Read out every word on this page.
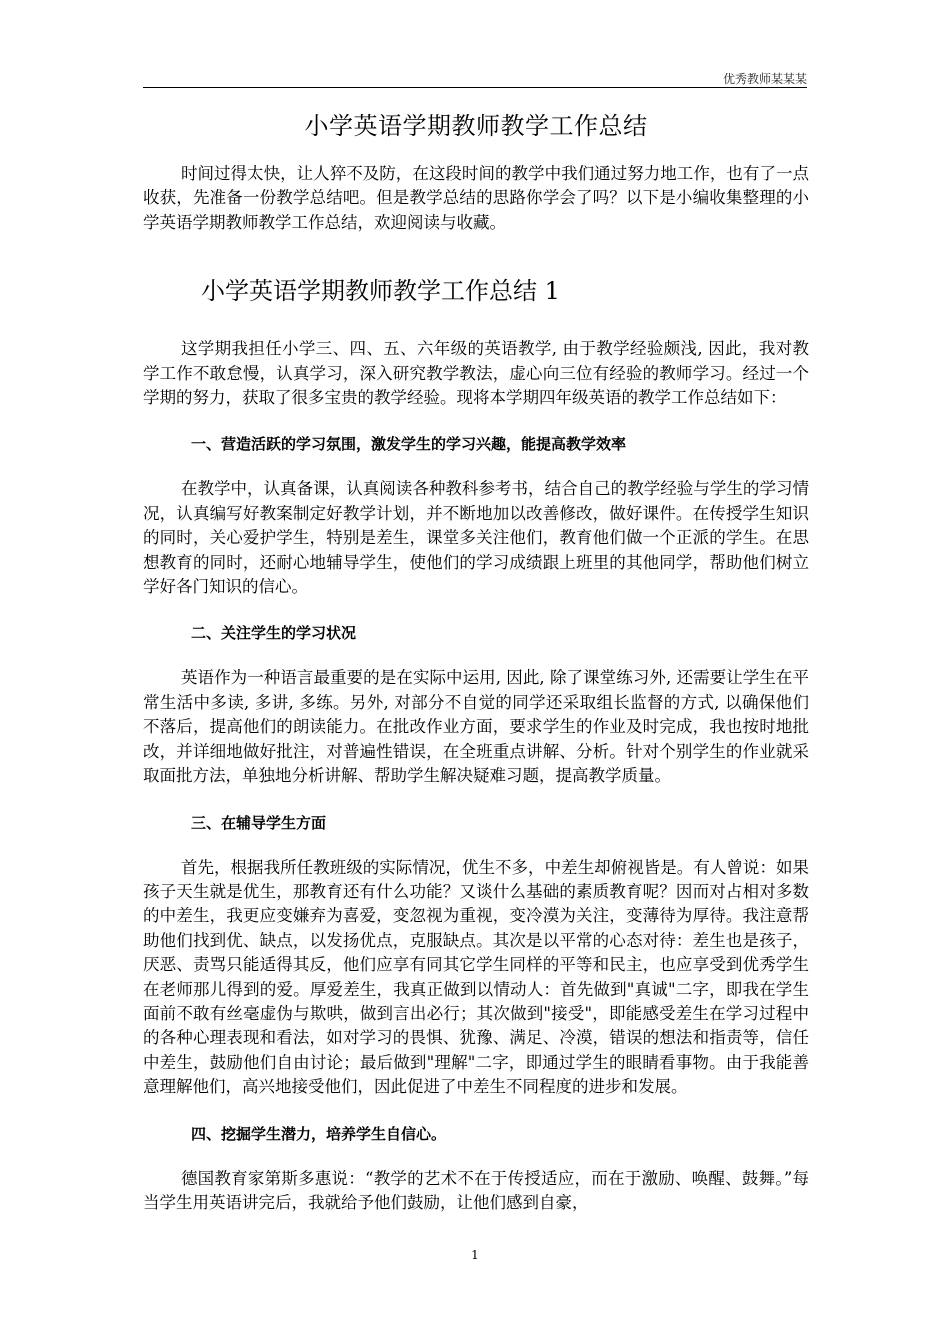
优秀教师某某某
小学英语学期教师教学工作总结

时间过得太快，让人猝不及防，在这段时间的教学中我们通过努力地工作，也有了一点收获，先准备一份教学总结吧。但是教学总结的思路你学会了吗？以下是小编收集整理的小学英语学期教师教学工作总结，欢迎阅读与收藏。

小学英语学期教师教学工作总结 1

这学期我担任小学三、四、五、六年级的英语教学, 由于教学经验颇浅, 因此，我对教学工作不敢怠慢，认真学习，深入研究教学教法，虚心向三位有经验的教师学习。经过一个学期的努力，获取了很多宝贵的教学经验。现将本学期四年级英语的教学工作总结如下：

一、营造活跃的学习氛围，激发学生的学习兴趣，能提高教学效率

在教学中，认真备课，认真阅读各种教科参考书，结合自己的教学经验与学生的学习情况，认真编写好教案制定好教学计划，并不断地加以改善修改，做好课件。在传授学生知识的同时，关心爱护学生，特别是差生，课堂多关注他们，教育他们做一个正派的学生。在思想教育的同时，还耐心地辅导学生，使他们的学习成绩跟上班里的其他同学，帮助他们树立学好各门知识的信心。

二、关注学生的学习状况

英语作为一种语言最重要的是在实际中运用, 因此, 除了课堂练习外, 还需要让学生在平常生活中多读, 多讲, 多练。另外, 对部分不自觉的同学还采取组长监督的方式, 以确保他们不落后，提高他们的朗读能力。在批改作业方面，要求学生的作业及时完成，我也按时地批改，并详细地做好批注，对普遍性错误，在全班重点讲解、分析。针对个别学生的作业就采取面批方法，单独地分析讲解、帮助学生解决疑难习题，提高教学质量。

三、在辅导学生方面

首先，根据我所任教班级的实际情况，优生不多，中差生却俯视皆是。有人曾说：如果孩子天生就是优生，那教育还有什么功能？又谈什么基础的素质教育呢？因而对占相对多数的中差生，我更应变嫌弃为喜爱，变忽视为重视，变冷漠为关注，变薄待为厚待。我注意帮助他们找到优、缺点，以发扬优点，克服缺点。其次是以平常的心态对待：差生也是孩子，厌恶、责骂只能适得其反，他们应享有同其它学生同样的平等和民主，也应享受到优秀学生在老师那儿得到的爱。厚爱差生，我真正做到以情动人：首先做到"真诚"二字，即我在学生面前不敢有丝毫虚伪与欺哄，做到言出必行；其次做到"接受"，即能感受差生在学习过程中的各种心理表现和看法，如对学习的畏惧、犹豫、满足、冷漠，错误的想法和指责等，信任中差生，鼓励他们自由讨论；最后做到"理解"二字，即通过学生的眼睛看事物。由于我能善意理解他们，高兴地接受他们，因此促进了中差生不同程度的进步和发展。

四、挖掘学生潜力，培养学生自信心。

德国教育家第斯多惠说：“教学的艺术不在于传授适应，而在于激励、唤醒、鼓舞。”每当学生用英语讲完后，我就给予他们鼓励，让他们感到自豪，

1
